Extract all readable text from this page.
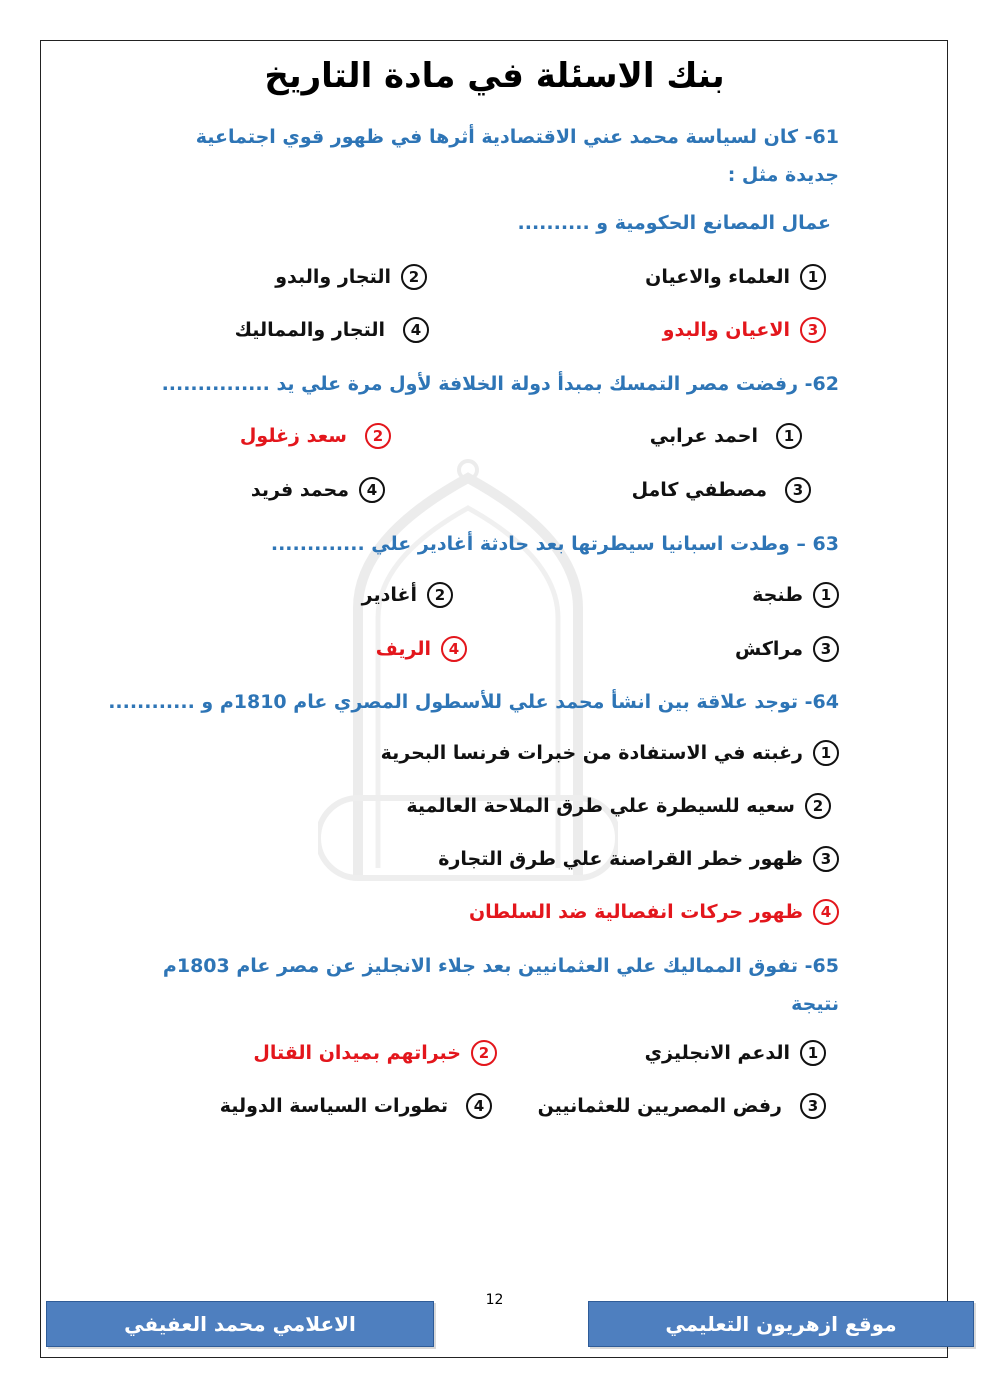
بنك الاسئلة في مادة التاريخ
61- كان لسياسة محمد عني الاقتصادية أثرها في ظهور قوي اجتماعية جديدة مثل :
عمال المصانع الحكومية و ..........
1
العلماء والاعيان
2
التجار والبدو
3
الاعيان والبدو
4
التجار والمماليك
62- رفضت مصر التمسك بمبدأ دولة الخلافة لأول مرة علي يد ...............
1
احمد عرابي
2
سعد زغلول
3
مصطفي كامل
4
محمد فريد
63 – وطدت اسبانيا سيطرتها بعد حادثة أغادير علي .............
1
طنجة
2
أغادير
3
مراكش
4
الريف
64- توجد علاقة بين انشأ محمد علي للأسطول المصري عام 1810م و ............
1
رغبته في الاستفادة من خبرات فرنسا البحرية
2
سعيه للسيطرة علي طرق الملاحة العالمية
3
ظهور خطر القراصنة علي طرق التجارة
4
ظهور حركات انفصالية ضد السلطان
65- تفوق المماليك علي العثمانيين بعد جلاء الانجليز عن مصر عام 1803م نتيجة
1
الدعم الانجليزي
2
خبراتهم بميدان القتال
3
رفض المصريين للعثمانيين
4
تطورات السياسة الدولية
12
الاعلامي محمد العفيفي	موقع ازهريون التعليمي
